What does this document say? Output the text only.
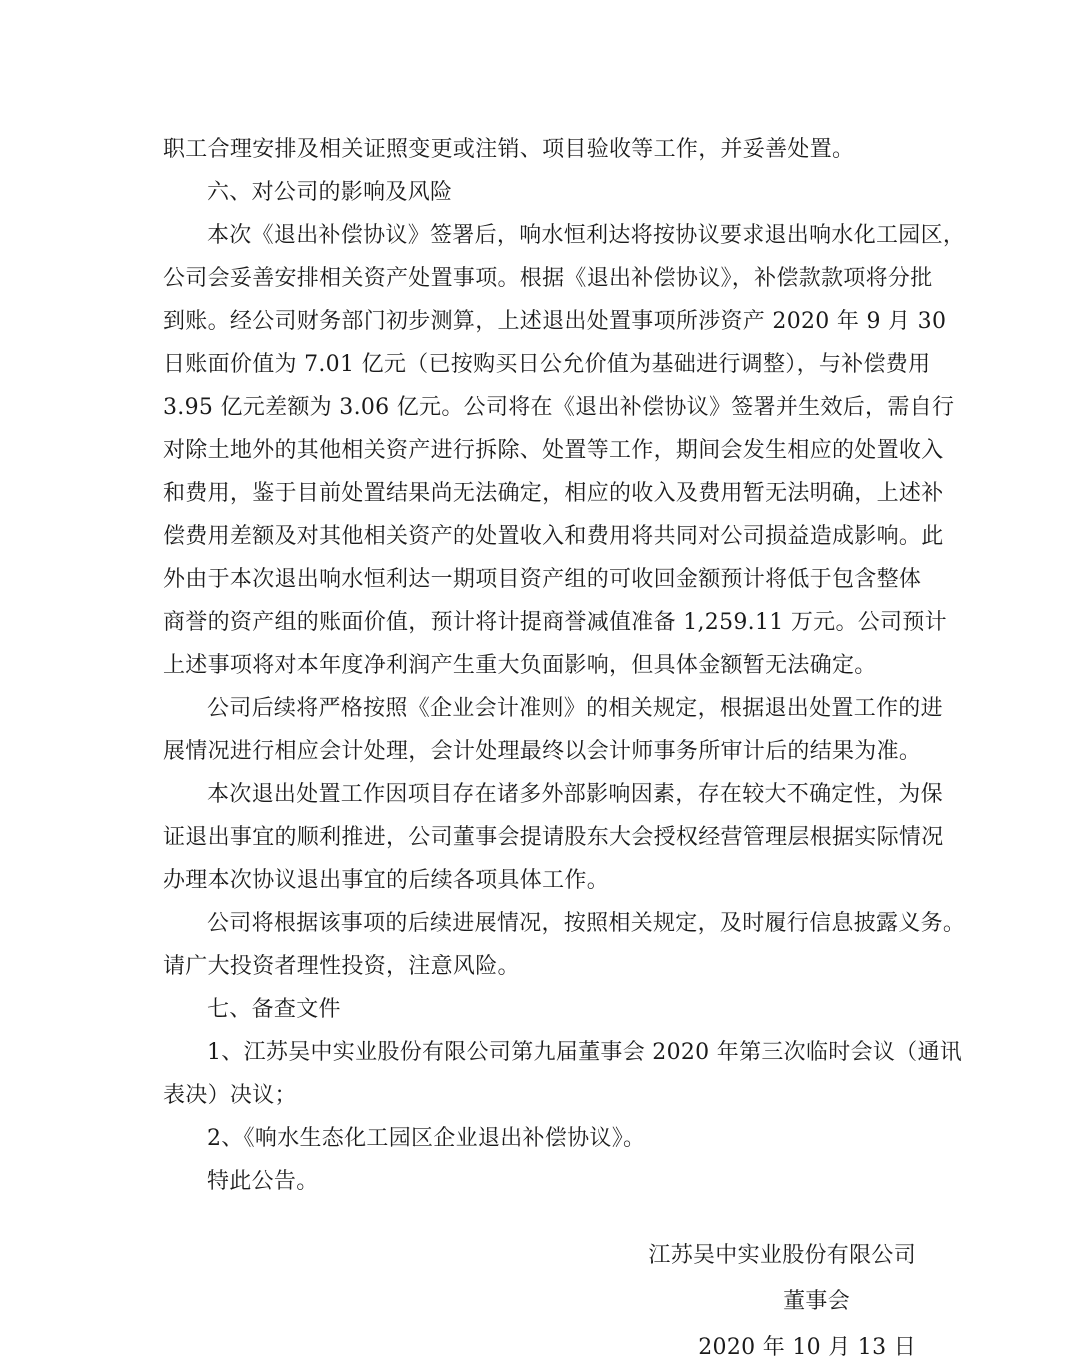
职工合理安排及相关证照变更或注销、项目验收等工作，并妥善处置。
六、对公司的影响及风险
本次《退出补偿协议》签署后，响水恒利达将按协议要求退出响水化工园区，
公司会妥善安排相关资产处置事项。根据《退出补偿协议》，补偿款款项将分批
到账。经公司财务部门初步测算，上述退出处置事项所涉资产 2020 年 9 月 30
日账面价值为 7.01 亿元（已按购买日公允价值为基础进行调整），与补偿费用
3.95 亿元差额为 3.06 亿元。公司将在《退出补偿协议》签署并生效后，需自行
对除土地外的其他相关资产进行拆除、处置等工作，期间会发生相应的处置收入
和费用，鉴于目前处置结果尚无法确定，相应的收入及费用暂无法明确，上述补
偿费用差额及对其他相关资产的处置收入和费用将共同对公司损益造成影响。此
外由于本次退出响水恒利达一期项目资产组的可收回金额预计将低于包含整体
商誉的资产组的账面价值，预计将计提商誉减值准备 1,259.11 万元。公司预计
上述事项将对本年度净利润产生重大负面影响，但具体金额暂无法确定。
公司后续将严格按照《企业会计准则》的相关规定，根据退出处置工作的进
展情况进行相应会计处理，会计处理最终以会计师事务所审计后的结果为准。
本次退出处置工作因项目存在诸多外部影响因素，存在较大不确定性，为保
证退出事宜的顺利推进，公司董事会提请股东大会授权经营管理层根据实际情况
办理本次协议退出事宜的后续各项具体工作。
公司将根据该事项的后续进展情况，按照相关规定，及时履行信息披露义务。
请广大投资者理性投资，注意风险。
七、备查文件
1、江苏吴中实业股份有限公司第九届董事会 2020 年第三次临时会议（通讯
表决）决议；
2、《响水生态化工园区企业退出补偿协议》。
特此公告。
江苏吴中实业股份有限公司
董事会
2020 年 10 月 13 日
